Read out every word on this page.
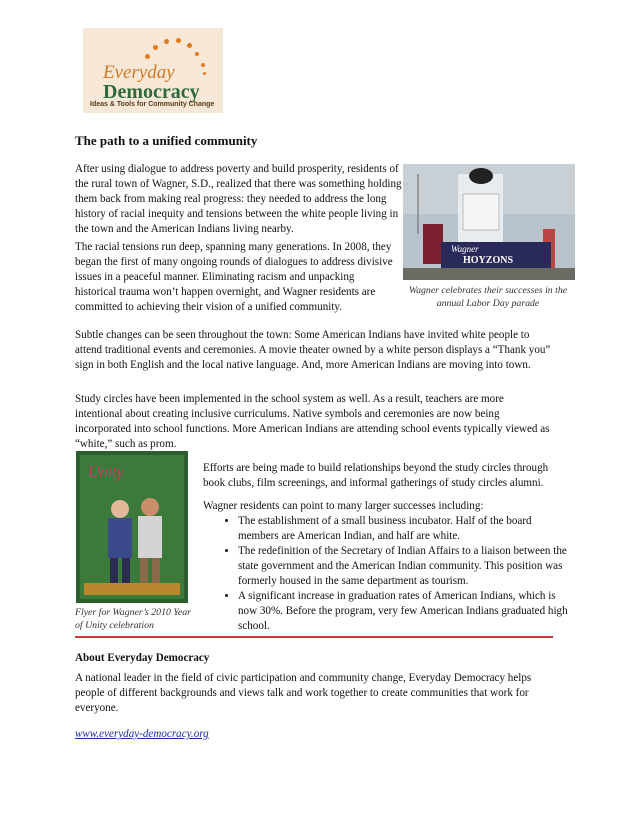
Everyday
Democracy
Ideas & Tools for Community Change
The path to a unified community

After using dialogue to address poverty and build prosperity, residents of the rural town of Wagner, S.D., realized that there was something holding them back from making real progress: they needed to address the long history of racial inequity and tensions between the white people living in the town and the American Indians living nearby.

The racial tensions run deep, spanning many generations. In 2008, they began the first of many ongoing rounds of dialogues to address divisive issues in a peaceful manner. Eliminating racism and unpacking historical trauma won’t happen overnight, and Wagner residents are committed to achieving their vision of a unified community.

Wagner
HOYZONS
Wagner celebrates their successes in the annual Labor Day parade

Subtle changes can be seen throughout the town: Some American Indians have invited white people to attend traditional events and ceremonies. A movie theater owned by a white person displays a “Thank you” sign in both English and the local native language. And, more American Indians are moving into town.

Study circles have been implemented in the school system as well. As a result, teachers are more intentional about creating inclusive curriculums. Native symbols and ceremonies are now being incorporated into school functions. More American Indians are attending school events typically viewed as “white,” such as prom.

Unity
Flyer for Wagner’s 2010 Year of Unity celebration

Efforts are being made to build relationships beyond the study circles through book clubs, film screenings, and informal gatherings of study circles alumni.

Wagner residents can point to many larger successes including:

• The establishment of a small business incubator. Half of the board members are American Indian, and half are white.
• The redefinition of the Secretary of Indian Affairs to a liaison between the state government and the American Indian community. This position was formerly housed in the same department as tourism.
• A significant increase in graduation rates of American Indians, which is now 30%. Before the program, very few American Indians graduated high school.
About Everyday Democracy

A national leader in the field of civic participation and community change, Everyday Democracy helps people of different backgrounds and views talk and work together to create communities that work for everyone.

www.everyday-democracy.org
